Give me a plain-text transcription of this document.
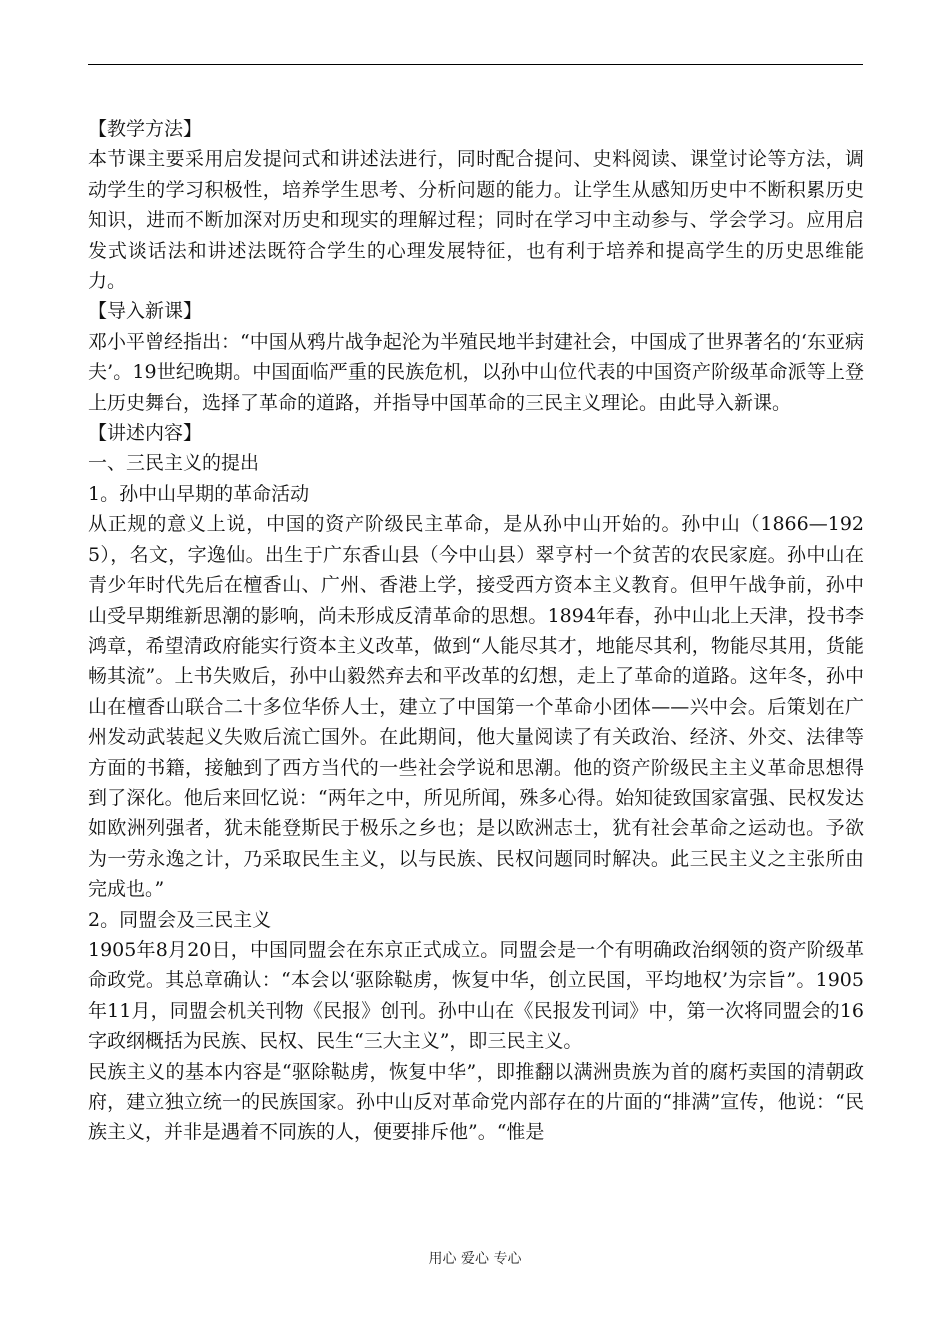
【教学方法】

本节课主要采用启发提问式和讲述法进行，同时配合提问、史料阅读、课堂讨论等方法，调动学生的学习积极性，培养学生思考、分析问题的能力。让学生从感知历史中不断积累历史知识，进而不断加深对历史和现实的理解过程；同时在学习中主动参与、学会学习。应用启发式谈话法和讲述法既符合学生的心理发展特征，也有利于培养和提高学生的历史思维能力。

【导入新课】

邓小平曾经指出：“中国从鸦片战争起沦为半殖民地半封建社会，中国成了世界著名的‘东亚病夫’。19世纪晚期。中国面临严重的民族危机，以孙中山位代表的中国资产阶级革命派等上登上历史舞台，选择了革命的道路，并指导中国革命的三民主义理论。由此导入新课。

【讲述内容】

一、三民主义的提出

1。孙中山早期的革命活动

从正规的意义上说，中国的资产阶级民主革命，是从孙中山开始的。孙中山（1866—1925），名文，字逸仙。出生于广东香山县（今中山县）翠亨村一个贫苦的农民家庭。孙中山在青少年时代先后在檀香山、广州、香港上学，接受西方资本主义教育。但甲午战争前，孙中山受早期维新思潮的影响，尚未形成反清革命的思想。1894年春，孙中山北上天津，投书李鸿章，希望清政府能实行资本主义改革，做到“人能尽其才，地能尽其利，物能尽其用，货能畅其流”。上书失败后，孙中山毅然弃去和平改革的幻想，走上了革命的道路。这年冬，孙中山在檀香山联合二十多位华侨人士，建立了中国第一个革命小团体——兴中会。后策划在广州发动武装起义失败后流亡国外。在此期间，他大量阅读了有关政治、经济、外交、法律等方面的书籍，接触到了西方当代的一些社会学说和思潮。他的资产阶级民主主义革命思想得到了深化。他后来回忆说：“两年之中，所见所闻，殊多心得。始知徒致国家富强、民权发达如欧洲列强者，犹未能登斯民于极乐之乡也；是以欧洲志士，犹有社会革命之运动也。予欲为一劳永逸之计，乃采取民生主义，以与民族、民权问题同时解决。此三民主义之主张所由完成也。”

2。同盟会及三民主义

1905年8月20日，中国同盟会在东京正式成立。同盟会是一个有明确政治纲领的资产阶级革命政党。其总章确认：“本会以‘驱除鞑虏，恢复中华，创立民国，平均地权’为宗旨”。1905年11月，同盟会机关刊物《民报》创刊。孙中山在《民报发刊词》中，第一次将同盟会的16字政纲概括为民族、民权、民生“三大主义”，即三民主义。

民族主义的基本内容是“驱除鞑虏，恢复中华”，即推翻以满洲贵族为首的腐朽卖国的清朝政府，建立独立统一的民族国家。孙中山反对革命党内部存在的片面的“排满”宣传，他说：“民族主义，并非是遇着不同族的人，便要排斥他”。“惟是

用心 爱心 专心
